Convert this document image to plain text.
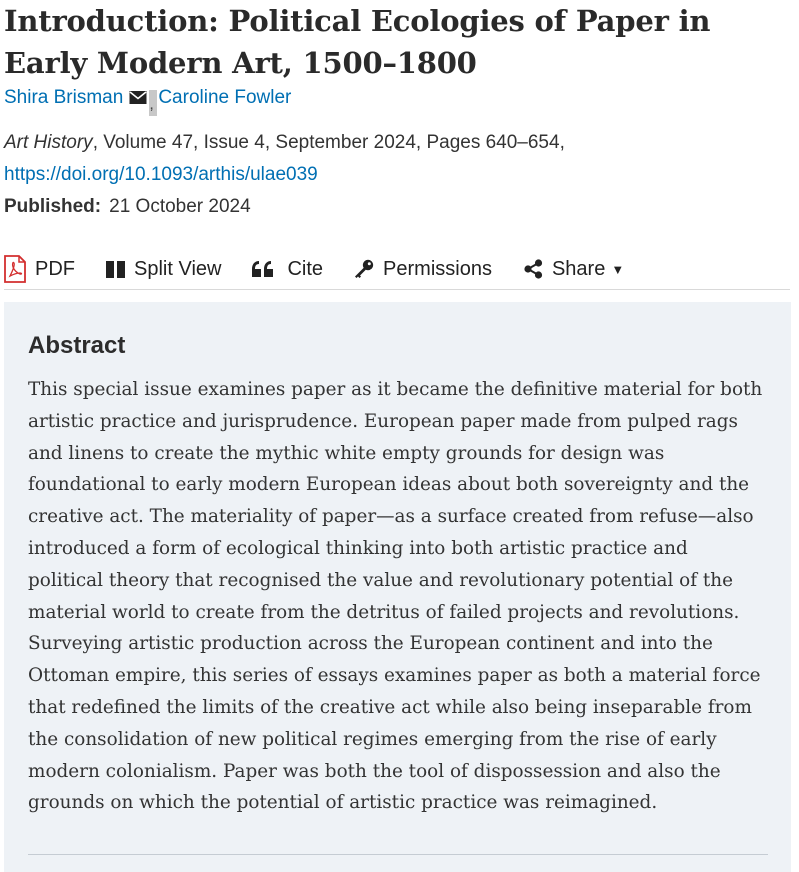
Introduction: Political Ecologies of Paper in Early Modern Art, 1500–1800
Shira Brisman , Caroline Fowler
Art History, Volume 47, Issue 4, September 2024, Pages 640–654, https://doi.org/10.1093/arthis/ulae039
Published: 21 October 2024
PDF	Split View	Cite	Permissions	Share ▼
Abstract

This special issue examines paper as it became the definitive material for both artistic practice and jurisprudence. European paper made from pulped rags and linens to create the mythic white empty grounds for design was foundational to early modern European ideas about both sovereignty and the creative act. The materiality of paper—as a surface created from refuse—also introduced a form of ecological thinking into both artistic practice and political theory that recognised the value and revolutionary potential of the material world to create from the detritus of failed projects and revolutions. Surveying artistic production across the European continent and into the Ottoman empire, this series of essays examines paper as both a material force that redefined the limits of the creative act while also being inseparable from the consolidation of new political regimes emerging from the rise of early modern colonialism. Paper was both the tool of dispossession and also the grounds on which the potential of artistic practice was reimagined.
